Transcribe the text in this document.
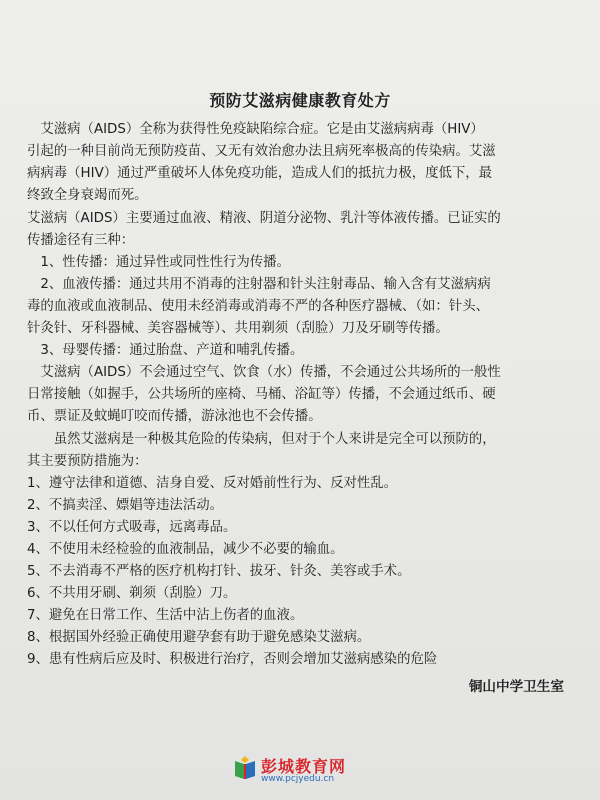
预防艾滋病健康教育处方
　艾滋病（AIDS）全称为获得性免疫缺陷综合症。它是由艾滋病病毒（HIV）
引起的一种目前尚无预防疫苗、又无有效治愈办法且病死率极高的传染病。艾滋
病病毒（HIV）通过严重破坏人体免疫功能，造成人们的抵抗力极，度低下，最
终致全身衰竭而死。
艾滋病（AIDS）主要通过血液、精液、阴道分泌物、乳汁等体液传播。已证实的
传播途径有三种：
　1、性传播：通过异性或同性性行为传播。
　2、血液传播：通过共用不消毒的注射器和针头注射毒品、输入含有艾滋病病
毒的血液或血液制品、使用未经消毒或消毒不严的各种医疗器械、（如：针头、
针灸针、牙科器械、美容器械等）、共用剃须（刮脸）刀及牙刷等传播。
　3、母婴传播：通过胎盘、产道和哺乳传播。
　艾滋病（AIDS）不会通过空气、饮食（水）传播，不会通过公共场所的一般性
日常接触（如握手，公共场所的座椅、马桶、浴缸等）传播，不会通过纸币、硬
币、票证及蚊蝇叮咬而传播，游泳池也不会传播。
　　虽然艾滋病是一种极其危险的传染病，但对于个人来讲是完全可以预防的，
其主要预防措施为：
1、遵守法律和道德、洁身自爱、反对婚前性行为、反对性乱。
2、不搞卖淫、嫖娼等违法活动。
3、不以任何方式吸毒，远离毒品。
4、不使用未经检验的血液制品，减少不必要的输血。
5、不去消毒不严格的医疗机构打针、拔牙、针灸、美容或手术。
6、不共用牙刷、剃须（刮脸）刀。
7、避免在日常工作、生活中沾上伤者的血液。
8、根据国外经验正确使用避孕套有助于避免感染艾滋病。
9、患有性病后应及时、积极进行治疗，否则会增加艾滋病感染的危险
铜山中学卫生室
彭城教育网
www.pcjyedu.cn
